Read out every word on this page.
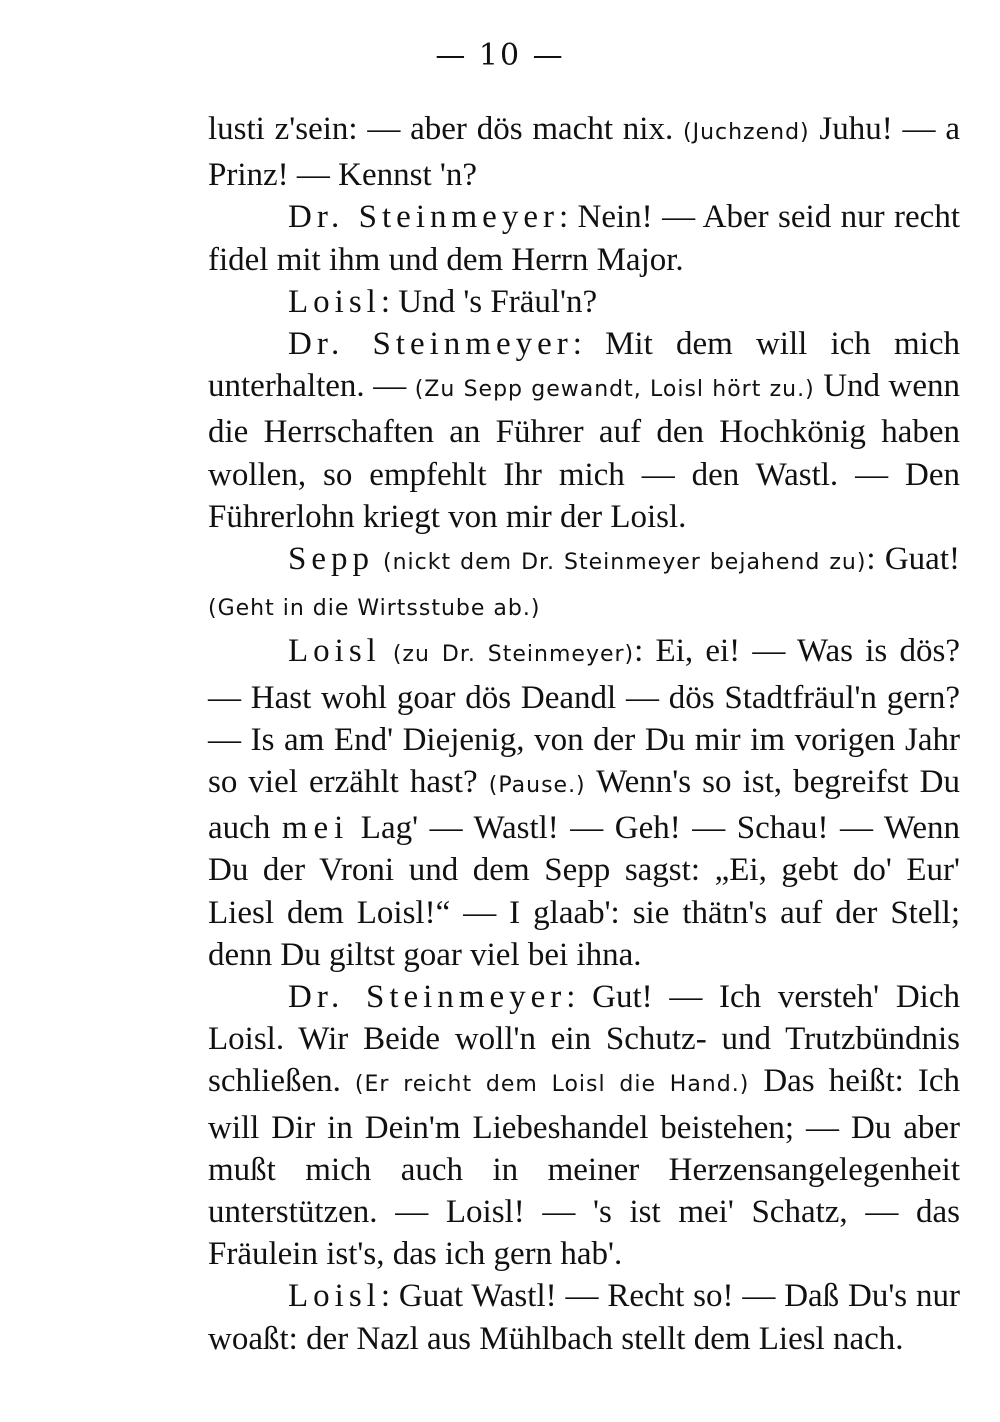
— 10 —

lusti z'sein: — aber dös macht nix. (Juchzend) Juhu! — a Prinz! — Kennst 'n?

Dr. Steinmeyer: Nein! — Aber seid nur recht fidel mit ihm und dem Herrn Major.

Loisl: Und 's Fräul'n?

Dr. Steinmeyer: Mit dem will ich mich unterhalten. — (Zu Sepp gewandt, Loisl hört zu.) Und wenn die Herrschaften an Führer auf den Hochkönig haben wollen, so empfehlt Ihr mich — den Wastl. — Den Führerlohn kriegt von mir der Loisl.

Sepp (nickt dem Dr. Steinmeyer bejahend zu): Guat! (Geht in die Wirtsstube ab.)

Loisl (zu Dr. Steinmeyer): Ei, ei! — Was is dös? — Hast wohl goar dös Deandl — dös Stadtfräul'n gern? — Is am End' Diejenig, von der Du mir im vorigen Jahr so viel erzählt hast? (Pause.) Wenn's so ist, begreifst Du auch mei Lag' — Wastl! — Geh! — Schau! — Wenn Du der Vroni und dem Sepp sagst: „Ei, gebt do' Eur' Liesl dem Loisl!“ — I glaab': sie thätn's auf der Stell; denn Du giltst goar viel bei ihna.

Dr. Steinmeyer: Gut! — Ich versteh' Dich Loisl. Wir Beide woll'n ein Schutz- und Trutzbündnis schließen. (Er reicht dem Loisl die Hand.) Das heißt: Ich will Dir in Dein'm Liebeshandel beistehen; — Du aber mußt mich auch in meiner Herzensangelegenheit unterstützen. — Loisl! — 's ist mei' Schatz, — das Fräulein ist's, das ich gern hab'.

Loisl: Guat Wastl! — Recht so! — Daß Du's nur woaßt: der Nazl aus Mühlbach stellt dem Liesl nach.
